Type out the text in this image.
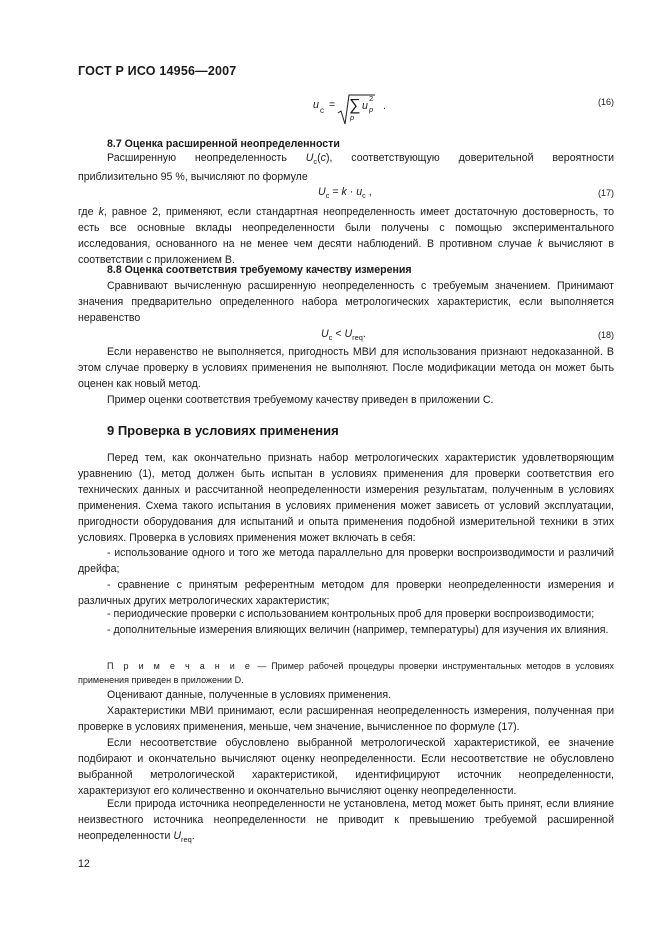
ГОСТ Р ИСО 14956—2007
u c = ∑
p
u
2
p .	(16)
8.7 Оценка расширенной неопределенности

Расширенную неопределенность $U_c(c)$, соответствующую доверительной вероятности приблизительно 95 %, вычисляют по формуле

$U_c = k \cdot u_c$ ,	(17)

где k, равное 2, применяют, если стандартная неопределенность имеет достаточную достоверность, то есть все основные вклады неопределенности были получены с помощью экспериментального исследования, основанного на не менее чем десяти наблюдений. В противном случае k вычисляют в соответствии с приложением В.

8.8 Оценка соответствия требуемому качеству измерения

Сравнивают вычисленную расширенную неопределенность с требуемым значением. Принимают значения предварительно определенного набора метрологических характеристик, если выполняется неравенство

$U_c < U_{req}$.	(18)

Если неравенство не выполняется, пригодность МВИ для использования признают недоказанной. В этом случае проверку в условиях применения не выполняют. После модификации метода он может быть оценен как новый метод.

Пример оценки соответствия требуемому качеству приведен в приложении С.

9 Проверка в условиях применения

Перед тем, как окончательно признать набор метрологических характеристик удовлетворяющим уравнению (1), метод должен быть испытан в условиях применения для проверки соответствия его технических данных и рассчитанной неопределенности измерения результатам, полученным в условиях применения. Схема такого испытания в условиях применения может зависеть от условий эксплуатации, пригодности оборудования для испытаний и опыта применения подобной измерительной техники в этих условиях. Проверка в условиях применения может включать в себя:

- использование одного и того же метода параллельно для проверки воспроизводимости и различий дрейфа;

- сравнение с принятым референтным методом для проверки неопределенности измерения и различных других метрологических характеристик;

- периодические проверки с использованием контрольных проб для проверки воспроизводимости;

- дополнительные измерения влияющих величин (например, температуры) для изучения их влияния.

П р и м е ч а н и е — Пример рабочей процедуры проверки инструментальных методов в условиях применения приведен в приложении D.

Оценивают данные, полученные в условиях применения.

Характеристики МВИ принимают, если расширенная неопределенность измерения, полученная при проверке в условиях применения, меньше, чем значение, вычисленное по формуле (17).

Если несоответствие обусловлено выбранной метрологической характеристикой, ее значение подбирают и окончательно вычисляют оценку неопределенности. Если несоответствие не обусловлено выбранной метрологической характеристикой, идентифицируют источник неопределенности, характеризуют его количественно и окончательно вычисляют оценку неопределенности.

Если природа источника неопределенности не установлена, метод может быть принят, если влияние неизвестного источника неопределенности не приводит к превышению требуемой расширенной неопределенности $U_{req}$.

12
